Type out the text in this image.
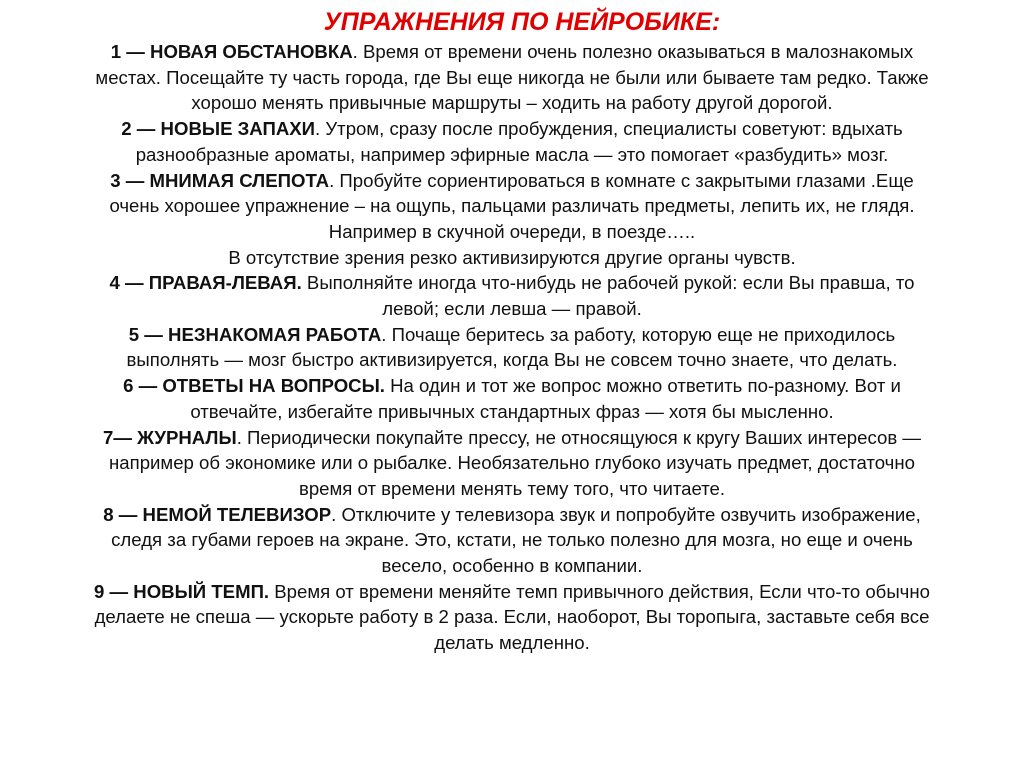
УПРАЖНЕНИЯ ПО НЕЙРОБИКЕ:
1 — НОВАЯ ОБСТАНОВКА. Время от времени очень полезно оказываться в малознакомых
местах. Посещайте ту часть города, где Вы еще никогда не были или бываете там редко. Также
хорошо менять привычные маршруты – ходить на работу другой дорогой.
2 — НОВЫЕ ЗАПАХИ. Утром, сразу после пробуждения, специалисты советуют: вдыхать
разнообразные ароматы, например эфирные масла — это помогает «разбудить» мозг.
3 — МНИМАЯ СЛЕПОТА. Пробуйте сориентироваться в комнате с закрытыми глазами .Еще
очень хорошее упражнение – на ощупь, пальцами различать предметы, лепить их, не глядя.
Например в скучной очереди, в поезде…..
В отсутствие зрения резко активизируются другие органы чувств.
4 — ПРАВАЯ-ЛЕВАЯ. Выполняйте иногда что-нибудь не рабочей рукой: если Вы правша, то
левой; если левша — правой.
5 — НЕЗНАКОМАЯ РАБОТА. Почаще беритесь за работу, которую еще не приходилось
выполнять — мозг быстро активизируется, когда Вы не совсем точно знаете, что делать.
6 — ОТВЕТЫ НА ВОПРОСЫ. На один и тот же вопрос можно ответить по-разному. Вот и
отвечайте, избегайте привычных стандартных фраз — хотя бы мысленно.
7— ЖУРНАЛЫ. Периодически покупайте прессу, не относящуюся к кругу Ваших интересов —
например об экономике или о рыбалке. Необязательно глубоко изучать предмет, достаточно
время от времени менять тему того, что читаете.
8 — НЕМОЙ ТЕЛЕВИЗОР. Отключите у телевизора звук и попробуйте озвучить изображение,
следя за губами героев на экране. Это, кстати, не только полезно для мозга, но еще и очень
весело, особенно в компании.
9 — НОВЫЙ ТЕМП. Время от времени меняйте темп привычного действия, Если что-то обычно
делаете не спеша — ускорьте работу в 2 раза. Если, наоборот, Вы торопыга, заставьте себя все
делать медленно.
